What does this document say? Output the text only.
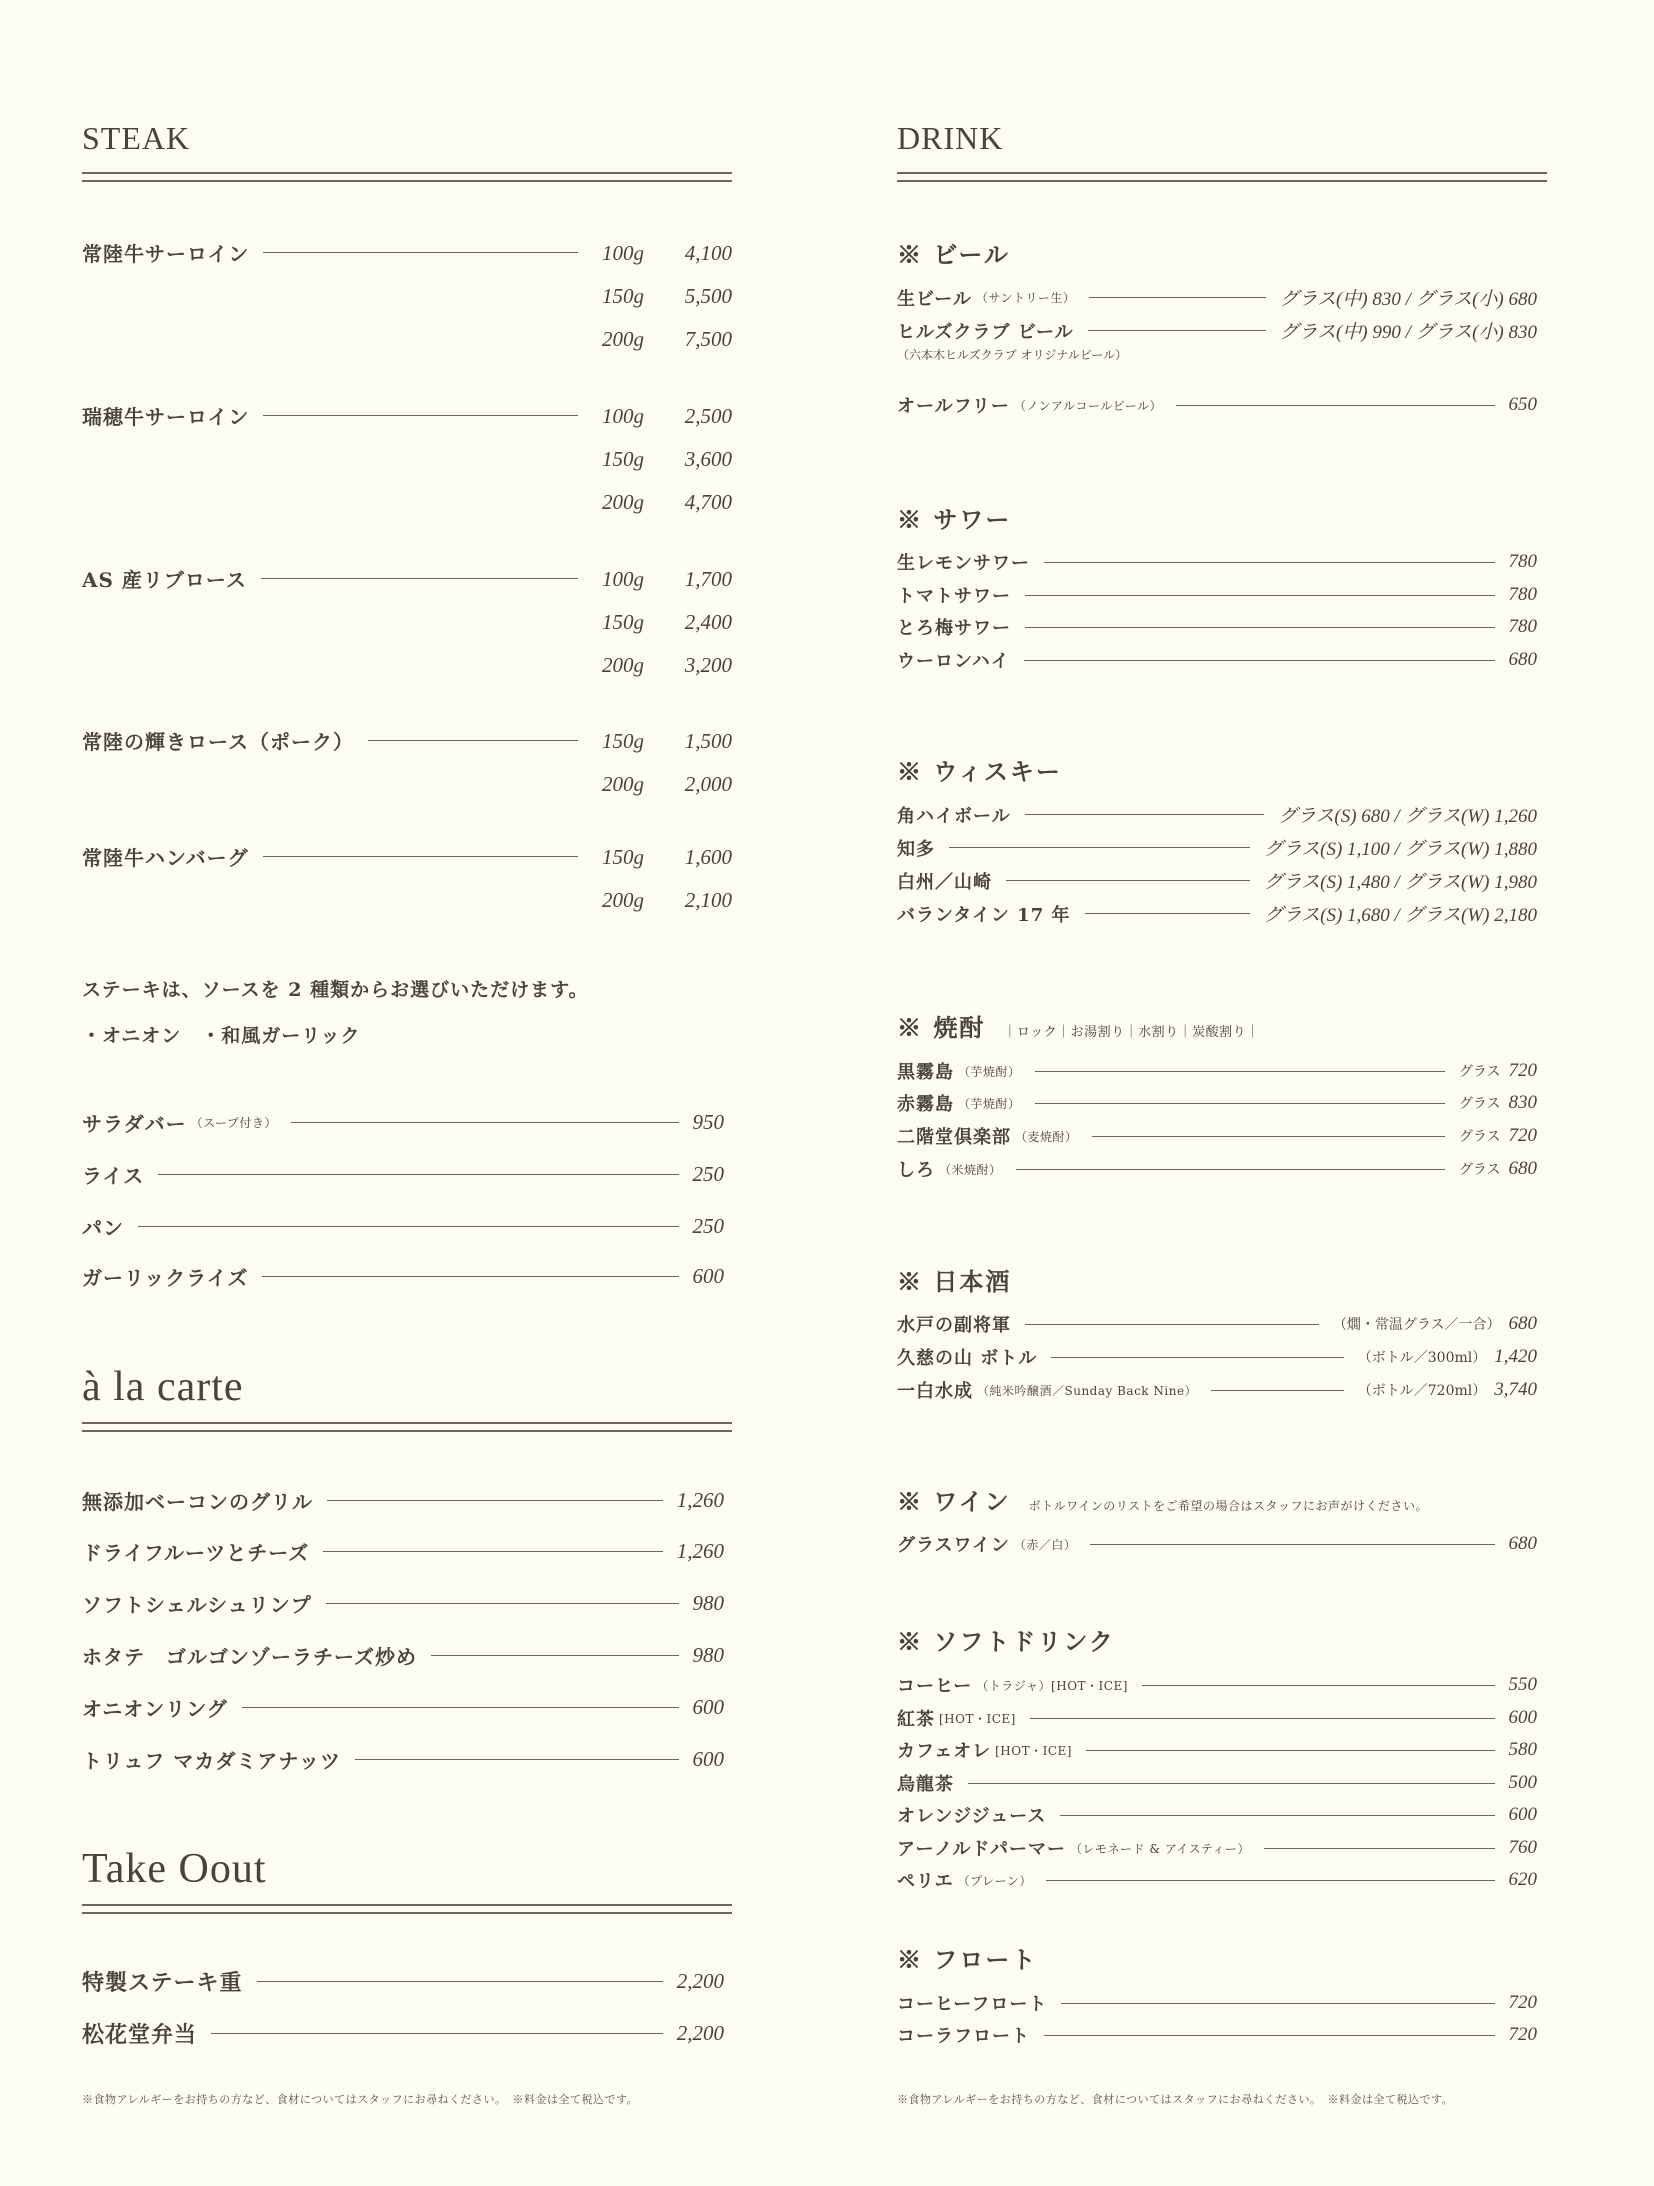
STEAK
常陸牛サーロイン	100g	4,100
150g	5,500
200g	7,500
瑞穂牛サーロイン	100g	2,500
150g	3,600
200g	4,700
AS 産リブロース	100g	1,700
150g	2,400
200g	3,200
常陸の輝きロース（ポーク）	150g	1,500
200g	2,000
常陸牛ハンバーグ	150g	1,600
200g	2,100
ステーキは、ソースを 2 種類からお選びいただけます。
・オニオン　・和風ガーリック
サラダバー （スープ付き）	950
ライス	250
パン	250
ガーリックライズ	600
à la carte
無添加ベーコンのグリル	1,260
ドライフルーツとチーズ	1,260
ソフトシェルシュリンプ	980
ホタテ　ゴルゴンゾーラチーズ炒め	980
オニオンリング	600
トリュフ マカダミアナッツ	600
Take Oout
特製ステーキ重	2,200
松花堂弁当	2,200
※食物アレルギーをお持ちの方など、食材についてはスタッフにお尋ねください。　※料金は全て税込です。
DRINK
※ ビール
生ビール （サントリー生）	グラス(中) 830 / グラス(小) 680
ヒルズクラブ ビール	グラス(中) 990 / グラス(小) 830
（六本木ヒルズクラブ オリジナルビール）
オールフリー （ノンアルコールビール）	650
※ サワー
生レモンサワー	780
トマトサワー	780
とろ梅サワー	780
ウーロンハイ	680
※ ウィスキー
角ハイボール	グラス(S) 680 / グラス(W) 1,260
知多	グラス(S) 1,100 / グラス(W) 1,880
白州／山崎	グラス(S) 1,480 / グラス(W) 1,980
バランタイン 17 年	グラス(S) 1,680 / グラス(W) 2,180
※ 焼酎 ｜ロック｜お湯割り｜水割り｜炭酸割り｜
黒霧島 （芋焼酎）	グラス 720
赤霧島 （芋焼酎）	グラス 830
二階堂倶楽部 （麦焼酎）	グラス 720
しろ （米焼酎）	グラス 680
※ 日本酒
水戸の副将軍	（燗・常温グラス／一合） 680
久慈の山 ボトル	（ボトル／300ml） 1,420
一白水成 （純米吟醸酒／Sunday Back Nine）	（ボトル／720ml） 3,740
※ ワイン ボトルワインのリストをご希望の場合はスタッフにお声がけください。
グラスワイン （赤／白）	680
※ ソフトドリンク
コーヒー （トラジャ）[HOT・ICE]	550
紅茶 [HOT・ICE]	600
カフェオレ [HOT・ICE]	580
烏龍茶	500
オレンジジュース	600
アーノルドパーマー （レモネード & アイスティー）	760
ペリエ （プレーン）	620
※ フロート
コーヒーフロート	720
コーラフロート	720
※食物アレルギーをお持ちの方など、食材についてはスタッフにお尋ねください。　※料金は全て税込です。
